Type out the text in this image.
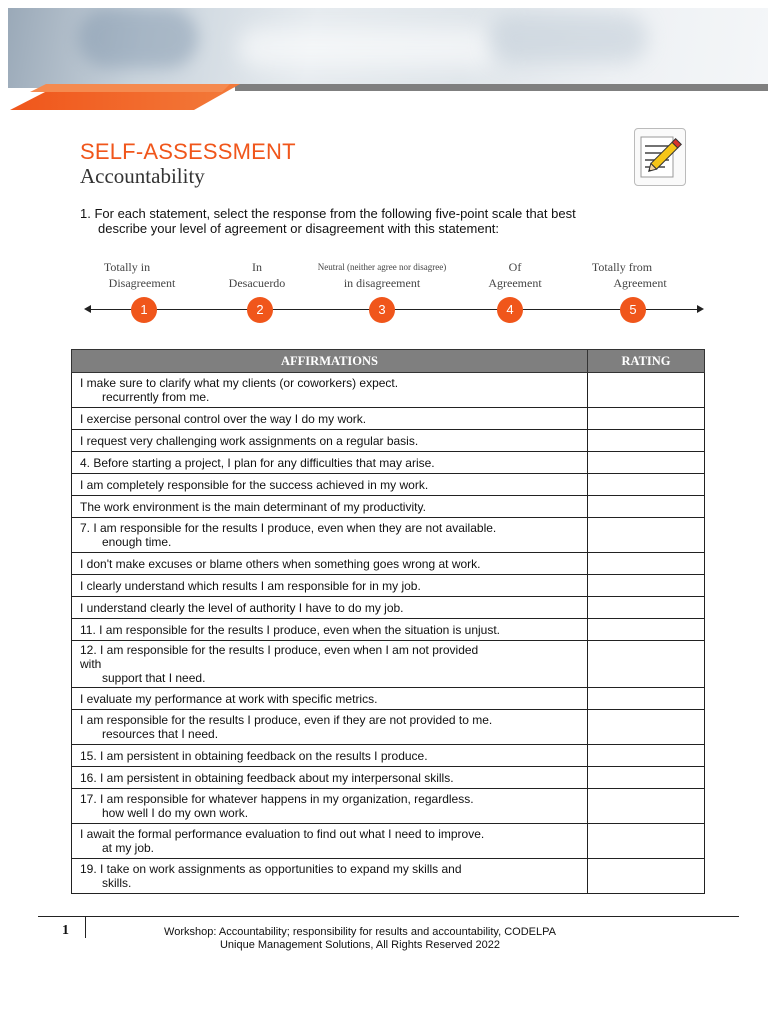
SELF-ASSESSMENT
Accountability
1. For each statement, select the response from the following five-point scale that best
describe your level of agreement or disagreement with this statement:
Totally in
Disagreement
In
Desacuerdo
Neutral (neither agree nor disagree)
in disagreement
Of
Agreement
Totally from
Agreement
1	2	3	4	5
AFFIRMATIONS	RATING

I make sure to clarify what my clients (or coworkers) expect.
recurrently from me.	

I exercise personal control over the way I do my work.	

I request very challenging work assignments on a regular basis.	

4. Before starting a project, I plan for any difficulties that may arise.	

I am completely responsible for the success achieved in my work.	

The work environment is the main determinant of my productivity.	

7. I am responsible for the results I produce, even when they are not available.
enough time.	

I don't make excuses or blame others when something goes wrong at work.	

I clearly understand which results I am responsible for in my job.	

I understand clearly the level of authority I have to do my job.	

11. I am responsible for the results I produce, even when the situation is unjust.	

12. I am responsible for the results I produce, even when I am not provided with
support that I need.	

I evaluate my performance at work with specific metrics.	

I am responsible for the results I produce, even if they are not provided to me.
resources that I need.	

15. I am persistent in obtaining feedback on the results I produce.	

16. I am persistent in obtaining feedback about my interpersonal skills.	

17. I am responsible for whatever happens in my organization, regardless.
how well I do my own work.	

I await the formal performance evaluation to find out what I need to improve.
at my job.	

19. I take on work assignments as opportunities to expand my skills and
skills.	

1	Workshop: Accountability; responsibility for results and accountability, CODELPA
Unique Management Solutions, All Rights Reserved 2022
